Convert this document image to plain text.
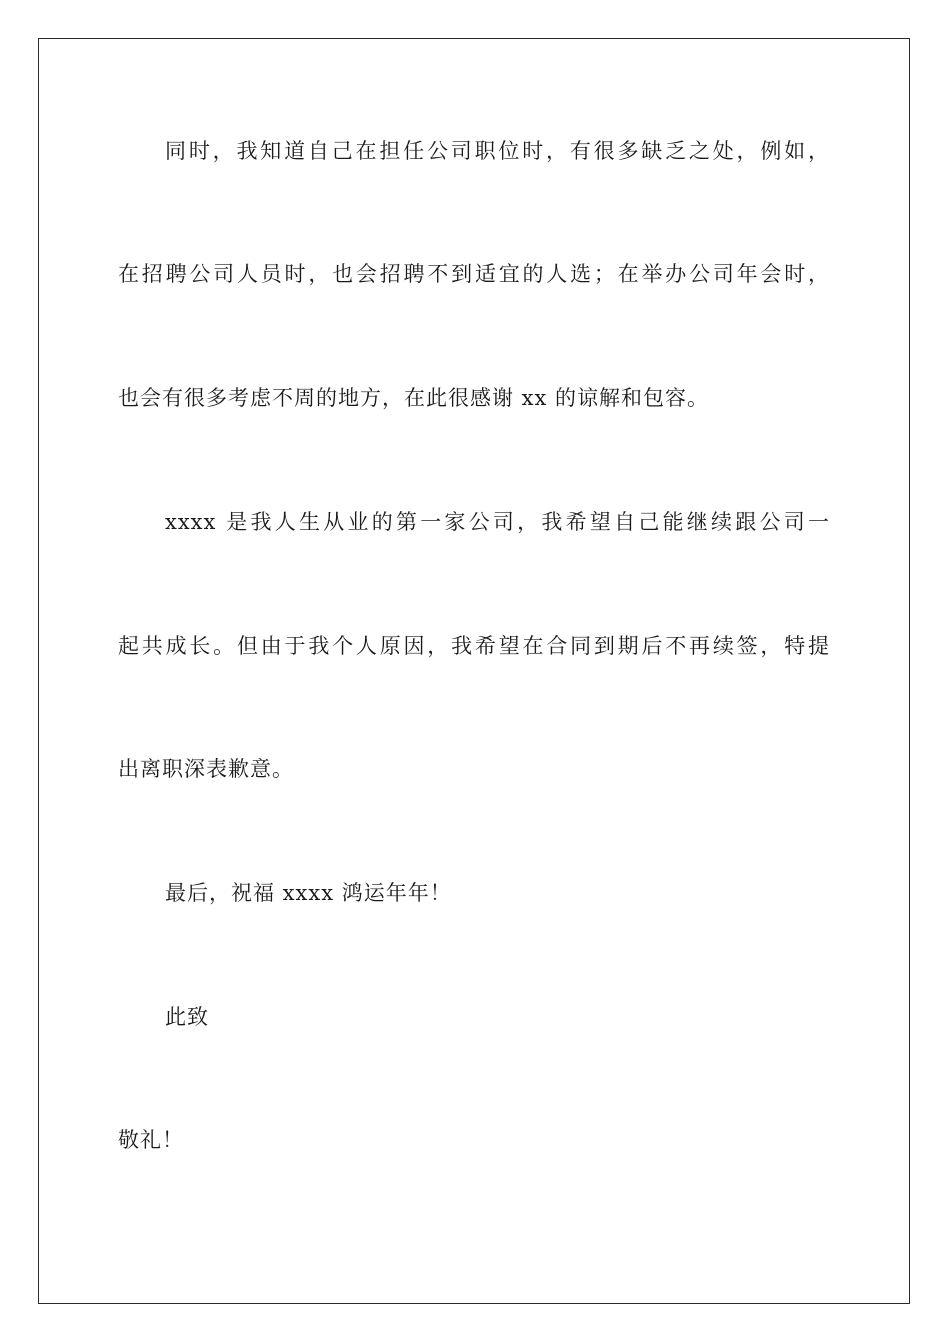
同时，我知道自己在担任公司职位时，有很多缺乏之处，例如，

在招聘公司人员时，也会招聘不到适宜的人选；在举办公司年会时，

也会有很多考虑不周的地方，在此很感谢 xx 的谅解和包容。

xxxx 是我人生从业的第一家公司，我希望自己能继续跟公司一

起共成长。但由于我个人原因，我希望在合同到期后不再续签，特提

出离职深表歉意。

最后，祝福 xxxx 鸿运年年！

此致

敬礼！
